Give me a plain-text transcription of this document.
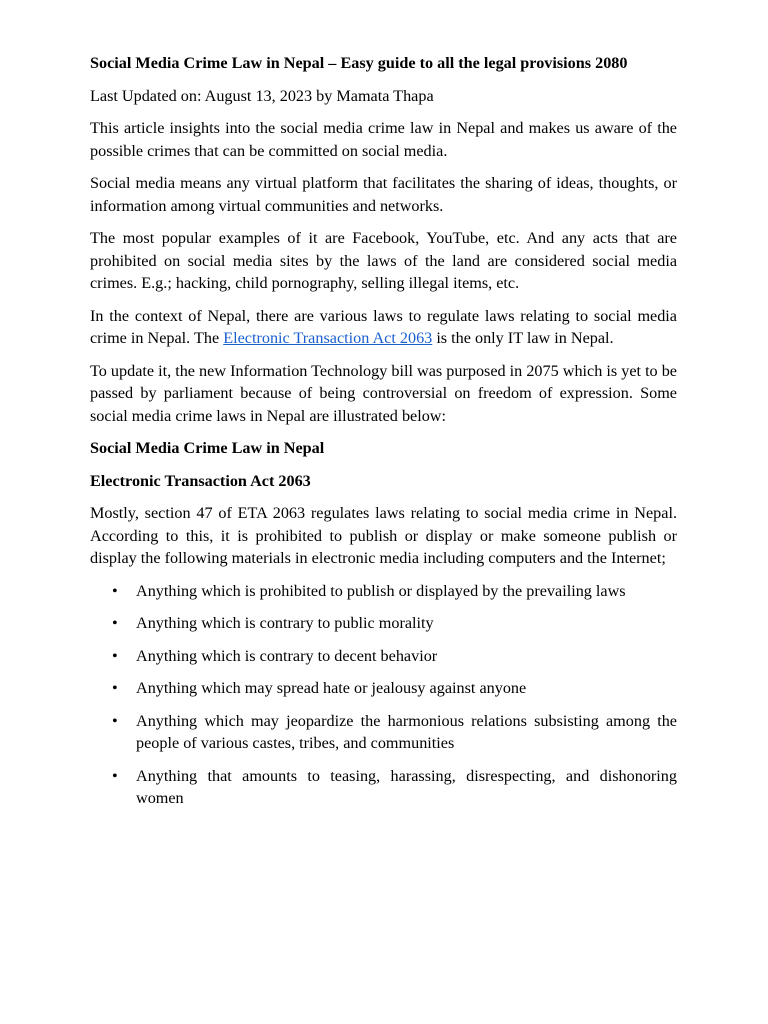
Social Media Crime Law in Nepal – Easy guide to all the legal provisions 2080

Last Updated on: August 13, 2023 by Mamata Thapa

This article insights into the social media crime law in Nepal and makes us aware of the possible crimes that can be committed on social media.

Social media means any virtual platform that facilitates the sharing of ideas, thoughts, or information among virtual communities and networks.

The most popular examples of it are Facebook, YouTube, etc. And any acts that are prohibited on social media sites by the laws of the land are considered social media crimes. E.g.; hacking, child pornography, selling illegal items, etc.

In the context of Nepal, there are various laws to regulate laws relating to social media crime in Nepal. The Electronic Transaction Act 2063 is the only IT law in Nepal.

To update it, the new Information Technology bill was purposed in 2075 which is yet to be passed by parliament because of being controversial on freedom of expression. Some social media crime laws in Nepal are illustrated below:

Social Media Crime Law in Nepal

Electronic Transaction Act 2063

Mostly, section 47 of ETA 2063 regulates laws relating to social media crime in Nepal. According to this, it is prohibited to publish or display or make someone publish or display the following materials in electronic media including computers and the Internet;

• Anything which is prohibited to publish or displayed by the prevailing laws
• Anything which is contrary to public morality
• Anything which is contrary to decent behavior
• Anything which may spread hate or jealousy against anyone
• Anything which may jeopardize the harmonious relations subsisting among the people of various castes, tribes, and communities
• Anything that amounts to teasing, harassing, disrespecting, and dishonoring women
